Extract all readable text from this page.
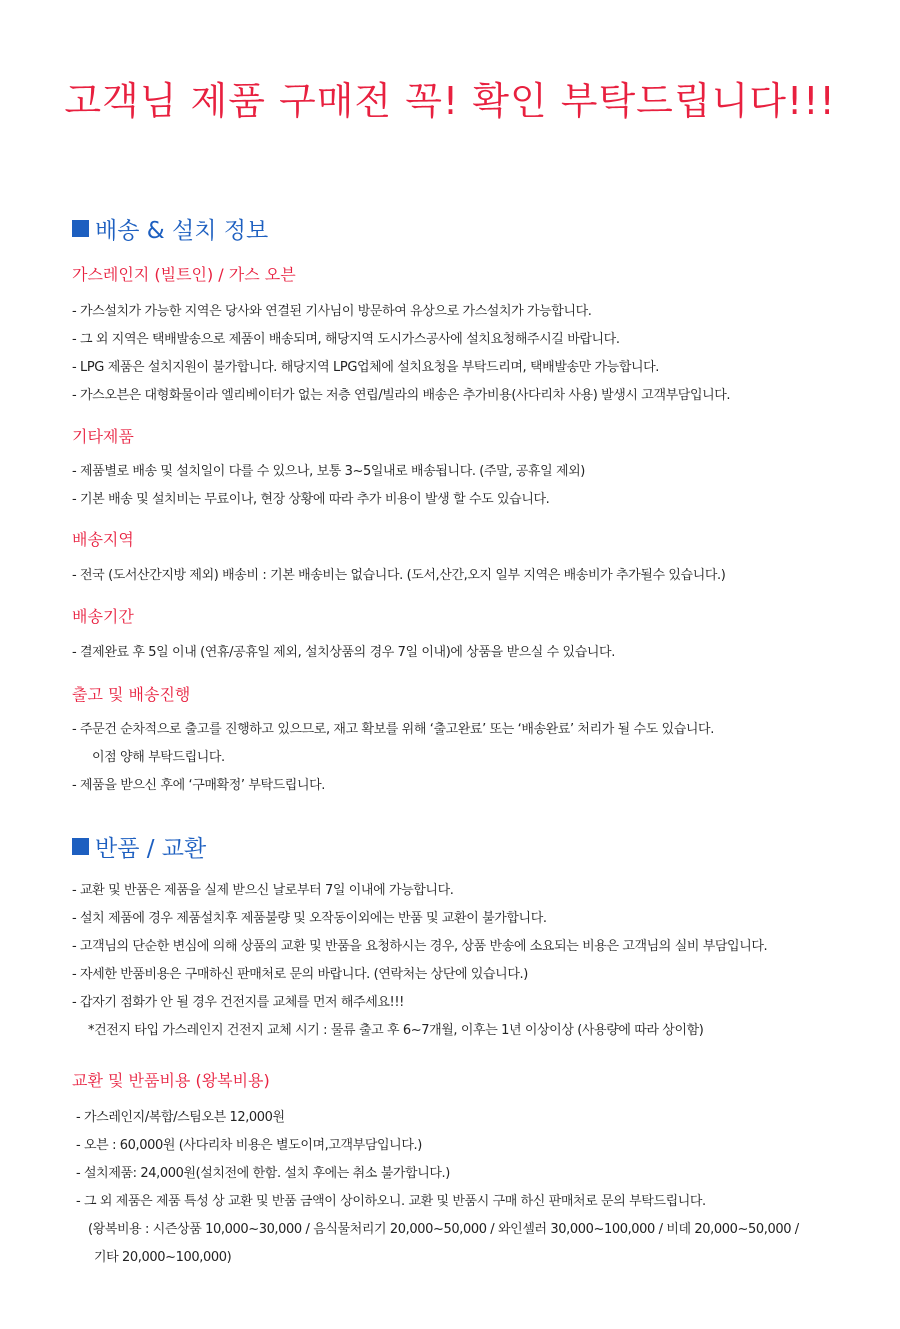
고객님 제품 구매전 꼭! 확인 부탁드립니다!!!
배송 & 설치 정보
가스레인지 (빌트인) / 가스 오븐
- 가스설치가 가능한 지역은 당사와 연결된 기사님이 방문하여 유상으로 가스설치가 가능합니다.
- 그 외 지역은 택배발송으로 제품이 배송되며, 해당지역 도시가스공사에 설치요청해주시길 바랍니다.
- LPG 제품은 설치지원이 불가합니다. 해당지역 LPG업체에 설치요청을 부탁드리며, 택배발송만 가능합니다.
- 가스오븐은 대형화물이라 엘리베이터가 없는 저층 연립/빌라의 배송은 추가비용(사다리차 사용) 발생시 고객부담입니다.
기타제품
- 제품별로 배송 및 설치일이 다를 수 있으나, 보통 3~5일내로 배송됩니다. (주말, 공휴일 제외)
- 기본 배송 및 설치비는 무료이나, 현장 상황에 따라 추가 비용이 발생 할 수도 있습니다.
배송지역
- 전국 (도서산간지방 제외) 배송비 : 기본 배송비는 없습니다. (도서,산간,오지 일부 지역은 배송비가 추가될수 있습니다.)
배송기간
- 결제완료 후 5일 이내 (연휴/공휴일 제외, 설치상품의 경우 7일 이내)에 상품을 받으실 수 있습니다.
출고 및 배송진행
- 주문건 순차적으로 출고를 진행하고 있으므로, 재고 확보를 위해 ‘출고완료’ 또는 ‘배송완료’ 처리가 될 수도 있습니다.
이점 양해 부탁드립니다.
- 제품을 받으신 후에 ‘구매확정’ 부탁드립니다.
반품 / 교환
- 교환 및 반품은 제품을 실제 받으신 날로부터 7일 이내에 가능합니다.
- 설치 제품에 경우 제품설치후 제품불량 및 오작동이외에는 반품 및 교환이 불가합니다.
- 고객님의 단순한 변심에 의해 상품의 교환 및 반품을 요청하시는 경우, 상품 반송에 소요되는 비용은 고객님의 실비 부담입니다.
- 자세한 반품비용은 구매하신 판매처로 문의 바랍니다. (연락처는 상단에 있습니다.)
- 갑자기 점화가 안 될 경우 건전지를 교체를 먼저 해주세요!!!
*건전지 타입 가스레인지 건전지 교체 시기 : 물류 출고 후 6~7개월, 이후는 1년 이상이상 (사용량에 따라 상이함)
교환 및 반품비용 (왕복비용)
- 가스레인지/복합/스팀오븐 12,000원
- 오븐 : 60,000원 (사다리차 비용은 별도이며,고객부담입니다.)
- 설치제품: 24,000원(설치전에 한함. 설치 후에는 취소 불가합니다.)
- 그 외 제품은 제품 특성 상 교환 및 반품 금액이 상이하오니. 교환 및 반품시 구매 하신 판매처로 문의 부탁드립니다.
(왕복비용 : 시즌상품 10,000~30,000 / 음식물처리기 20,000~50,000 / 와인셀러 30,000~100,000 / 비데 20,000~50,000 /
기타 20,000~100,000)
